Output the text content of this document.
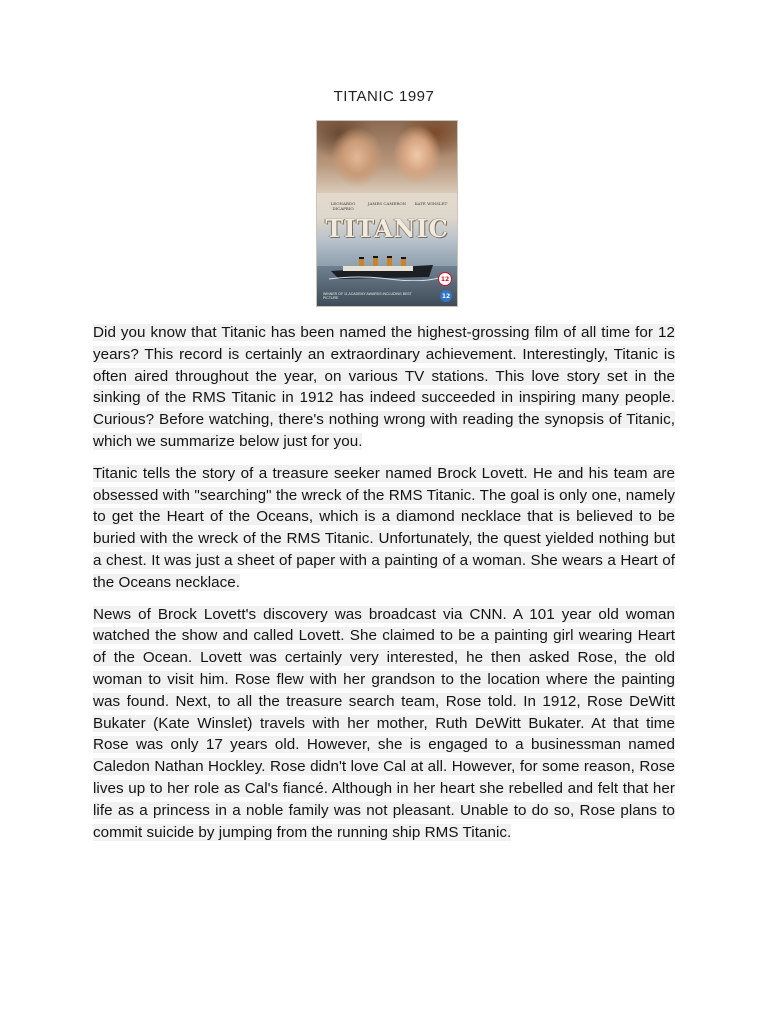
TITANIC 1997
LEONARDO DICAPRIO
JAMES CAMERON	KATE WINSLET
TITANIC
WINNER OF 11 ACADEMY AWARDS INCLUDING BEST PICTURE
12
12

Did you know that Titanic has been named the highest-grossing film of all time for 12 years? This record is certainly an extraordinary achievement. Interestingly, Titanic is often aired throughout the year, on various TV stations. This love story set in the sinking of the RMS Titanic in 1912 has indeed succeeded in inspiring many people. Curious? Before watching, there's nothing wrong with reading the synopsis of Titanic, which we summarize below just for you.

Titanic tells the story of a treasure seeker named Brock Lovett. He and his team are obsessed with "searching" the wreck of the RMS Titanic. The goal is only one, namely to get the Heart of the Oceans, which is a diamond necklace that is believed to be buried with the wreck of the RMS Titanic. Unfortunately, the quest yielded nothing but a chest. It was just a sheet of paper with a painting of a woman. She wears a Heart of the Oceans necklace.

News of Brock Lovett's discovery was broadcast via CNN. A 101 year old woman watched the show and called Lovett. She claimed to be a painting girl wearing Heart of the Ocean. Lovett was certainly very interested, he then asked Rose, the old woman to visit him. Rose flew with her grandson to the location where the painting was found. Next, to all the treasure search team, Rose told. In 1912, Rose DeWitt Bukater (Kate Winslet) travels with her mother, Ruth DeWitt Bukater. At that time Rose was only 17 years old. However, she is engaged to a businessman named Caledon Nathan Hockley. Rose didn't love Cal at all. However, for some reason, Rose lives up to her role as Cal's fiancé. Although in her heart she rebelled and felt that her life as a princess in a noble family was not pleasant. Unable to do so, Rose plans to commit suicide by jumping from the running ship RMS Titanic.
